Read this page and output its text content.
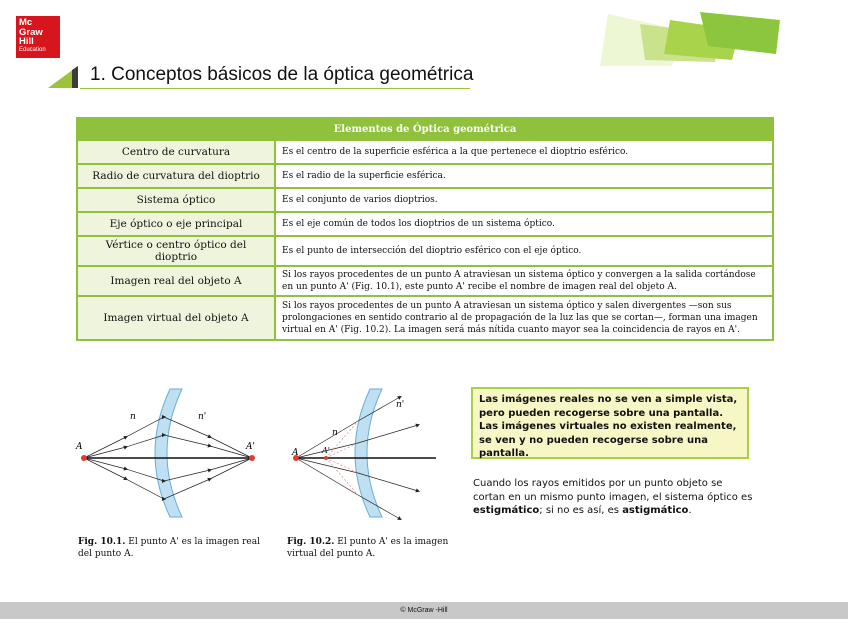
Mc
Graw
Hill
Education
1. Conceptos básicos de la óptica geométrica
Elementos de Óptica geométrica	
Centro de curvatura	Es el centro de la superficie esférica a la que pertenece el dioptrio esférico.
Radio de curvatura del dioptrio	Es el radio de la superficie esférica.
Sistema óptico	Es el conjunto de varios dioptrios.
Eje óptico o eje principal	Es el eje común de todos los dioptrios de un sistema óptico.
Vértice o centro óptico del dioptrio	Es el punto de intersección del dioptrio esférico con el eje óptico.
Imagen real del objeto A	Si los rayos procedentes de un punto A atraviesan un sistema óptico y convergen a la salida cortándose en un punto A' (Fig. 10.1), este punto A' recibe el nombre de imagen real del objeto A.
Imagen virtual del objeto A	Si los rayos procedentes de un punto A atraviesan un sistema óptico y salen divergentes —son sus prolongaciones en sentido contrario al de propagación de la luz las que se cortan—, forman una imagen virtual en A' (Fig. 10.2). La imagen será más nítida cuanto mayor sea la coincidencia de rayos en A'.
A	A'
n	n'
A	A'
n
n'
Fig. 10.1. El punto A' es la imagen real del punto A.
Fig. 10.2. El punto A' es la imagen virtual del punto A.
Las imágenes reales no se ven a simple vista, pero pueden recogerse sobre una pantalla. Las imágenes virtuales no existen realmente, se ven y no pueden recogerse sobre una pantalla.
Cuando los rayos emitidos por un punto objeto se cortan en un mismo punto imagen, el sistema óptico es estigmático; si no es así, es astigmático.
© McGraw -Hill
